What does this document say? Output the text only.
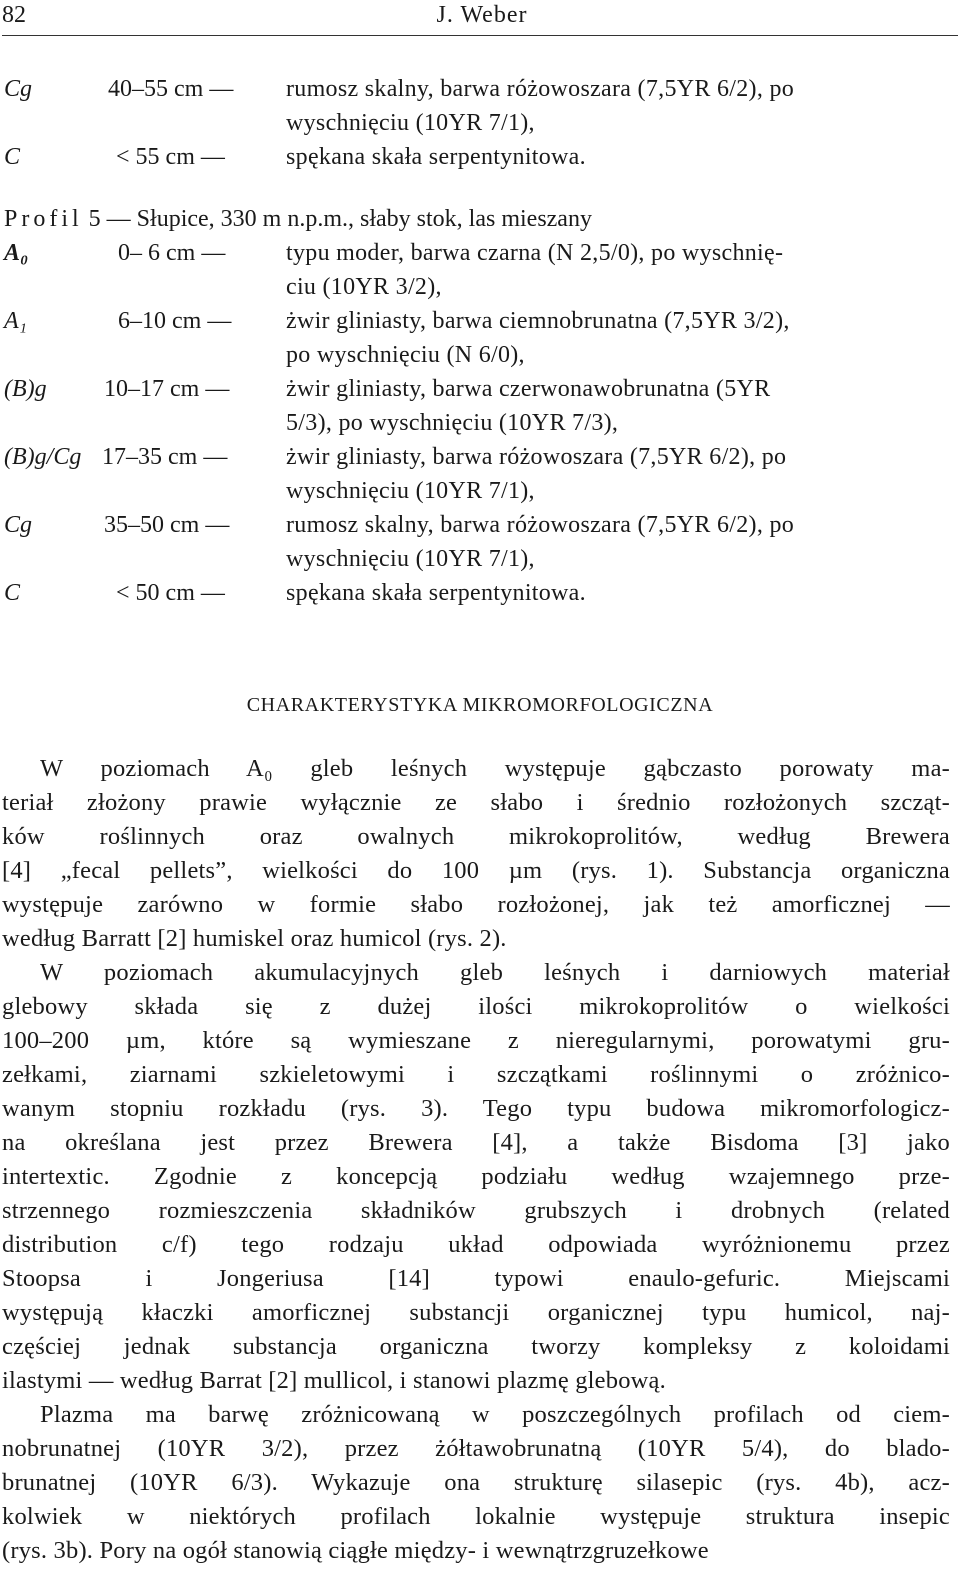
82	J. Weber
Cg	40–55 cm — rumosz skalny, barwa różowoszara (7,5YR 6/2), po
wyschnięciu (10YR 7/1),
C	< 55 cm —	spękana skała serpentynitowa.
Profil 5 — Słupice, 330 m n.p.m., słaby stok, las mieszany
A₀	0– 6 cm —	typu moder, barwa czarna (N 2,5/0), po wyschnię-
ciu (10YR 3/2),
A₁	6–10 cm — żwir gliniasty, barwa ciemnobrunatna (7,5YR 3/2),
po wyschnięciu (N 6/0),
(B)g 10–17 cm — żwir gliniasty, barwa czerwonawobrunatna (5YR
5/3), po wyschnięciu (10YR 7/3),
(B)g/Cg 17–35 cm — żwir gliniasty, barwa różowoszara (7,5YR 6/2), po
wyschnięciu (10YR 7/1),
Cg	35–50 cm — rumosz skalny, barwa różowoszara (7,5YR 6/2), po
wyschnięciu (10YR 7/1),
C	< 50 cm —	spękana skała serpentynitowa.
CHARAKTERYSTYKA MIKROMORFOLOGICZNA
W poziomach A₀ gleb leśnych występuje gąbczasto porowaty ma-
teriał złożony prawie wyłącznie ze słabo i średnio rozłożonych szcząt-
ków roślinnych oraz owalnych mikrokoprolitów, według Brewera
[4] „fecal pellets”, wielkości do 100 µm (rys. 1). Substancja organiczna
występuje zarówno w formie słabo rozłożonej, jak też amorficznej —
według Barratt [2] humiskel oraz humicol (rys. 2).
W poziomach akumulacyjnych gleb leśnych i darniowych materiał
glebowy składa się z dużej ilości mikrokoprolitów o wielkości
100–200 µm, które są wymieszane z nieregularnymi, porowatymi gru-
zełkami, ziarnami szkieletowymi i szczątkami roślinnymi o zróżnico-
wanym stopniu rozkładu (rys. 3). Tego typu budowa mikromorfologicz-
na określana jest przez Brewera [4], a także Bisdoma [3] jako
intertextic. Zgodnie z koncepcją podziału według wzajemnego prze-
strzennego rozmieszczenia składników grubszych i drobnych (related
distribution c/f) tego rodzaju układ odpowiada wyróżnionemu przez
Stoopsa i Jongeriusa [14] typowi enaulo-gefuric. Miejscami
występują kłaczki amorficznej substancji organicznej typu humicol, naj-
częściej jednak substancja organiczna tworzy kompleksy z koloidami
ilastymi — według Barrat [2] mullicol, i stanowi plazmę glebową.
Plazma ma barwę zróżnicowaną w poszczególnych profilach od ciem-
nobrunatnej (10YR 3/2), przez żółtawobrunatną (10YR 5/4), do blado-
brunatnej (10YR 6/3). Wykazuje ona strukturę silasepic (rys. 4b), acz-
kolwiek w niektórych profilach lokalnie występuje struktura insepic
(rys. 3b). Pory na ogół stanowią ciągłe między- i wewnątrzgruzełkowe
